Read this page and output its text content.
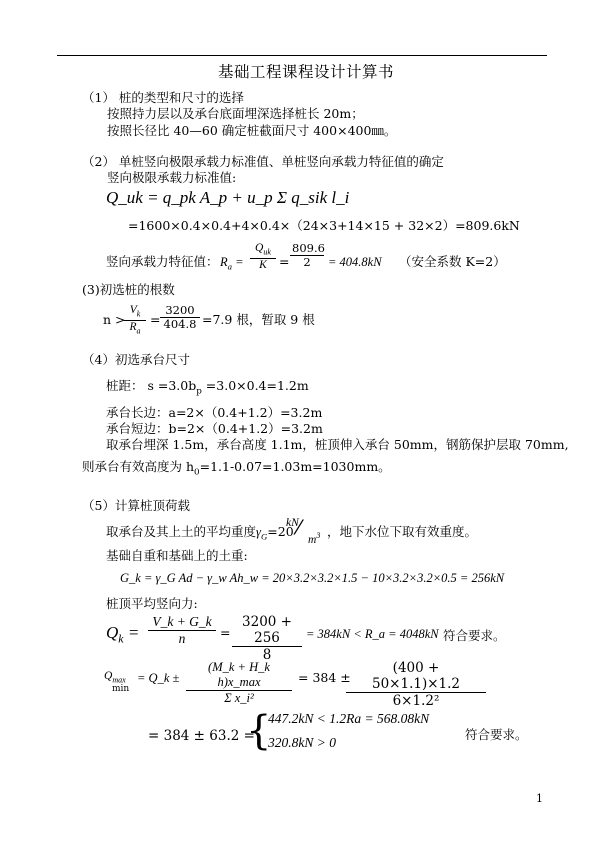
基础工程课程设计计算书
（1） 桩的类型和尺寸的选择
按照持力层以及承台底面埋深选择桩长 20m；
按照长径比 40—60 确定桩截面尺寸 400×400㎜。
（2） 单桩竖向极限承载力标准值、单桩竖向承载力特征值的确定
竖向极限承载力标准值:
Q_uk = q_pk A_p + u_p Σ q_sik l_i
=1600×0.4×0.4+4×0.4×（24×3+14×15 + 32×2）=809.6kN
竖向承载力特征值： $R_a$ =
$Q_{uk}$
$K = \frac{809.6}{2} = 404.8kN$ （安全系数 K=2）
(3)初选桩的根数
n >
$\frac{V_k}{R_a} = \frac{3200}{404.8} =7.9$ 根，暂取 9 根
（4）初选承台尺寸
桩距： $s =3.0b_p =3.0\times 0.4=1.2m$
承台长边：a=2×（0.4+1.2）=3.2m
承台短边：b=2×（0.4+1.2）=3.2m
取承台埋深 1.5m，承台高度 1.1m，桩顶伸入承台 50mm，钢筋保护层取 70mm,
则承台有效高度为 $h_0=1.1-0.07=1.03m=1030mm$。
（5）计算桩顶荷载
取承台及其上土的平均重度$\gamma_G=20$
kN
⁄
$m^3$ ，地下水位下取有效重度。
基础自重和基础上的土重:
G_k = γ_G Ad − γ_w Ah_w = 20×3.2×3.2×1.5 − 10×3.2×3.2×0.5 = 256kN
桩顶平均竖向力:
$Q_k = \frac{V\_k + G\_k}{n} = \frac{3200 + 256}{8} = 384kN$ < R_a = 4048kN 符合要求。
$Q_{max}$
min
= Q_k ±
(M_k + H_k h)x_max
Σ x_i²
= 384 ±
$\frac{(400 + 50\times 1.1)\times 1.2}{\text{6×1.2²}}$
= 384 ± 63.2 =
{
447.2kN < 1.2Ra = 568.08kN
320.8kN > 0
符合要求。
1
